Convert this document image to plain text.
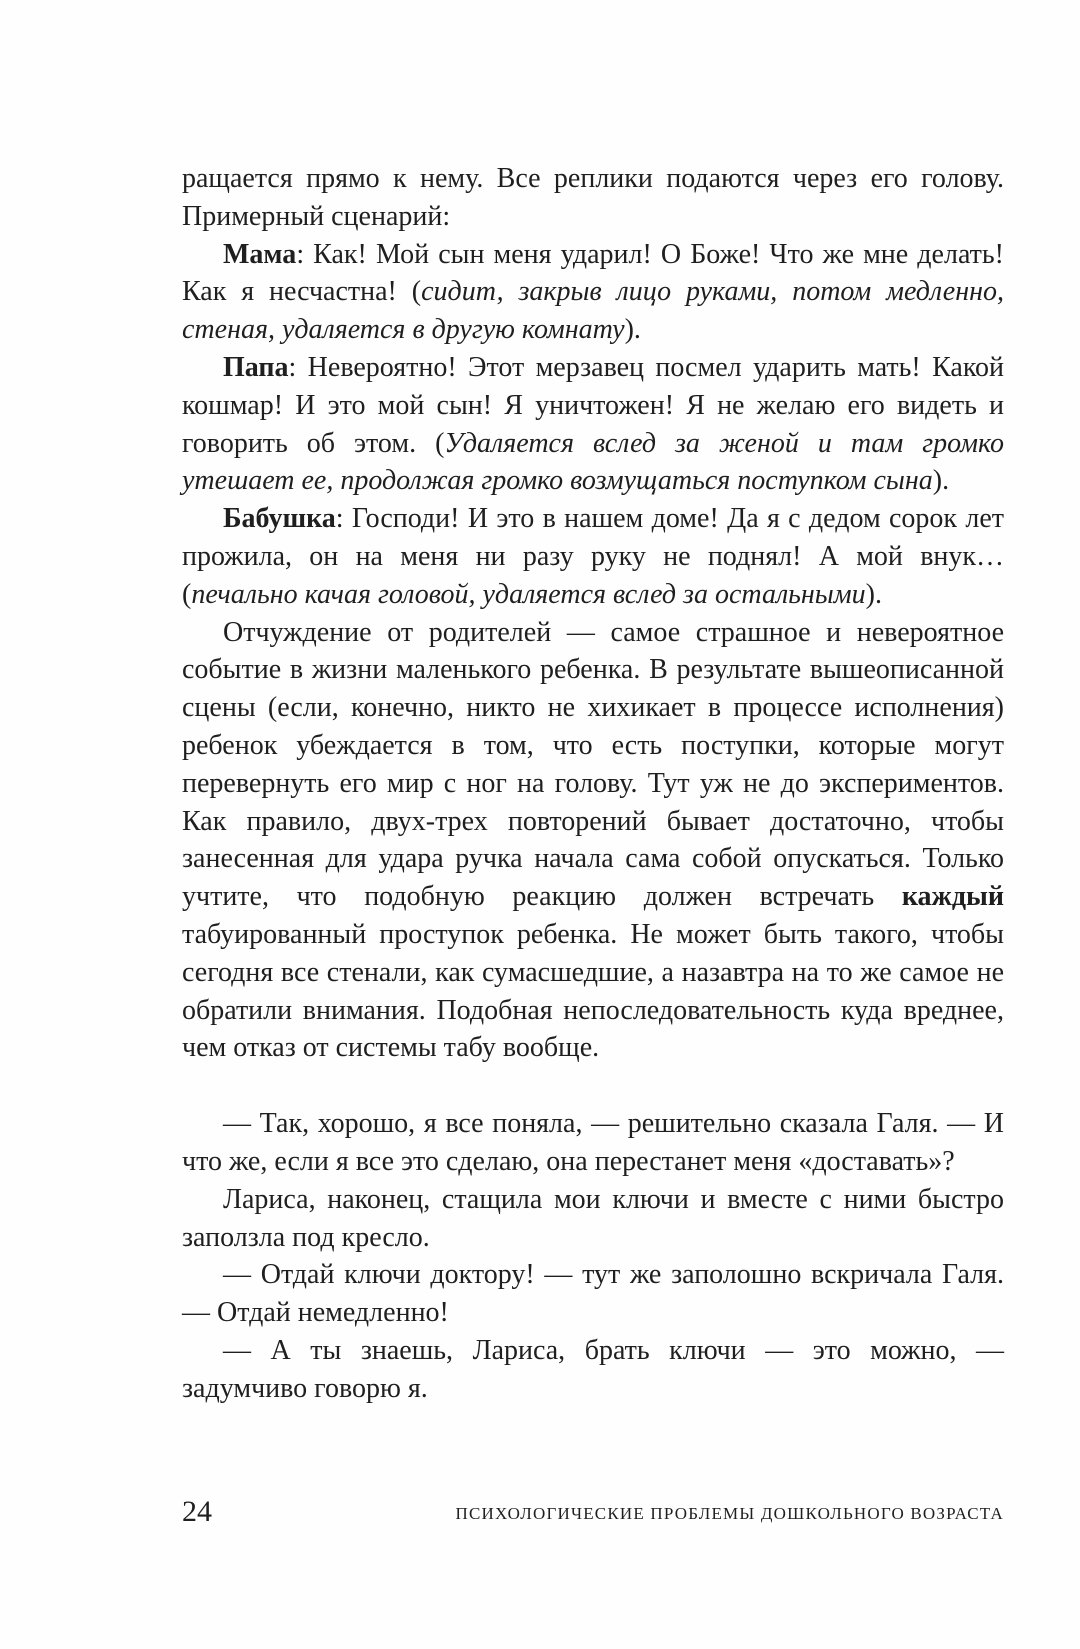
ращается прямо к нему. Все реплики подаются через его голову. Примерный сценарий:

Мама: Как! Мой сын меня ударил! О Боже! Что же мне делать! Как я несчастна! (сидит, закрыв лицо руками, потом медленно, стеная, удаляется в другую комнату).

Папа: Невероятно! Этот мерзавец посмел ударить мать! Какой кошмар! И это мой сын! Я уничтожен! Я не желаю его видеть и говорить об этом. (Удаляется вслед за женой и там громко утешает ее, продолжая громко возмущаться поступком сына).

Бабушка: Господи! И это в нашем доме! Да я с дедом сорок лет прожила, он на меня ни разу руку не поднял! А мой внук… (печально качая головой, удаляется вслед за остальными).

Отчуждение от родителей — самое страшное и невероятное событие в жизни маленького ребенка. В результате вышеописанной сцены (если, конечно, никто не хихикает в процессе исполнения) ребенок убеждается в том, что есть поступки, которые могут перевернуть его мир с ног на голову. Тут уж не до экспериментов. Как правило, двух-трех повторений бывает достаточно, чтобы занесенная для удара ручка начала сама собой опускаться. Только учтите, что подобную реакцию должен встречать каждый табуированный проступок ребенка. Не может быть такого, чтобы сегодня все стенали, как сумасшедшие, а назавтра на то же самое не обратили внимания. Подобная непоследовательность куда вреднее, чем отказ от системы табу вообще.

— Так, хорошо, я все поняла, — решительно сказала Галя. — И что же, если я все это сделаю, она перестанет меня «доставать»?

Лариса, наконец, стащила мои ключи и вместе с ними быстро заползла под кресло.

— Отдай ключи доктору! — тут же заполошно вскричала Галя. — Отдай немедленно!

— А ты знаешь, Лариса, брать ключи — это можно, — задумчиво говорю я.

24	ПСИХОЛОГИЧЕСКИЕ ПРОБЛЕМЫ ДОШКОЛЬНОГО ВОЗРАСТА
